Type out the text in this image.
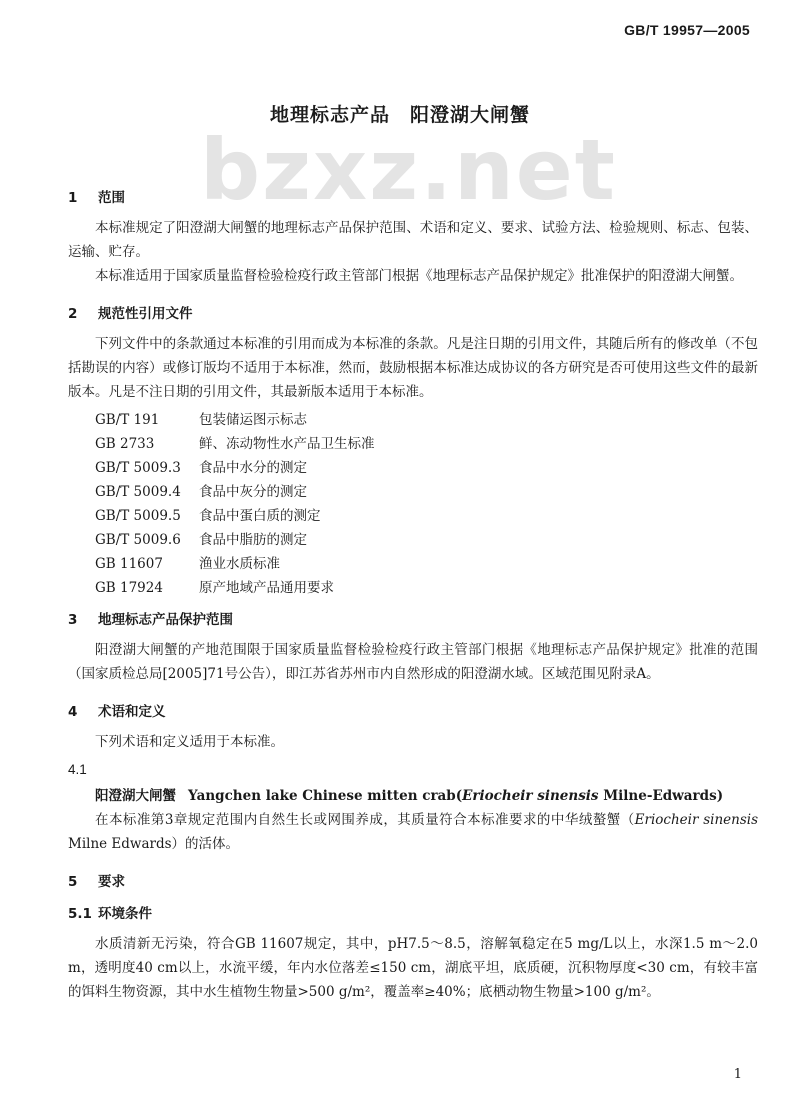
GB/T 19957—2005
地理标志产品　阳澄湖大闸蟹
bzxz.net
1 范围

本标准规定了阳澄湖大闸蟹的地理标志产品保护范围、术语和定义、要求、试验方法、检验规则、标志、包装、运输、贮存。

本标准适用于国家质量监督检验检疫行政主管部门根据《地理标志产品保护规定》批准保护的阳澄湖大闸蟹。

2 规范性引用文件

下列文件中的条款通过本标准的引用而成为本标准的条款。凡是注日期的引用文件，其随后所有的修改单（不包括勘误的内容）或修订版均不适用于本标准，然而，鼓励根据本标准达成协议的各方研究是否可使用这些文件的最新版本。凡是不注日期的引用文件，其最新版本适用于本标准。

GB/T 191	包装储运图示标志
GB 2733	鲜、冻动物性水产品卫生标准
GB/T 5009.3 食品中水分的测定
GB/T 5009.4 食品中灰分的测定
GB/T 5009.5 食品中蛋白质的测定
GB/T 5009.6 食品中脂肪的测定
GB 11607	渔业水质标准
GB 17924	原产地域产品通用要求
3 地理标志产品保护范围

阳澄湖大闸蟹的产地范围限于国家质量监督检验检疫行政主管部门根据《地理标志产品保护规定》批准的范围（国家质检总局[2005]71号公告），即江苏省苏州市内自然形成的阳澄湖水域。区域范围见附录A。

4 术语和定义

下列术语和定义适用于本标准。

4.1

阳澄湖大闸蟹 Yangchen lake Chinese mitten crab(Eriocheir sinensis Milne-Edwards)

在本标准第3章规定范围内自然生长或网围养成，其质量符合本标准要求的中华绒螯蟹（Eriocheir sinensis Milne Edwards）的活体。

5 要求
5.1 环境条件

水质清新无污染，符合GB 11607规定，其中，pH7.5～8.5，溶解氧稳定在5 mg/L以上，水深1.5 m～2.0 m，透明度40 cm以上，水流平缓，年内水位落差≤150 cm，湖底平坦，底质硬，沉积物厚度<30 cm，有较丰富的饵料生物资源，其中水生植物生物量>500 g/m²，覆盖率≥40%；底栖动物生物量>100 g/m²。

1
